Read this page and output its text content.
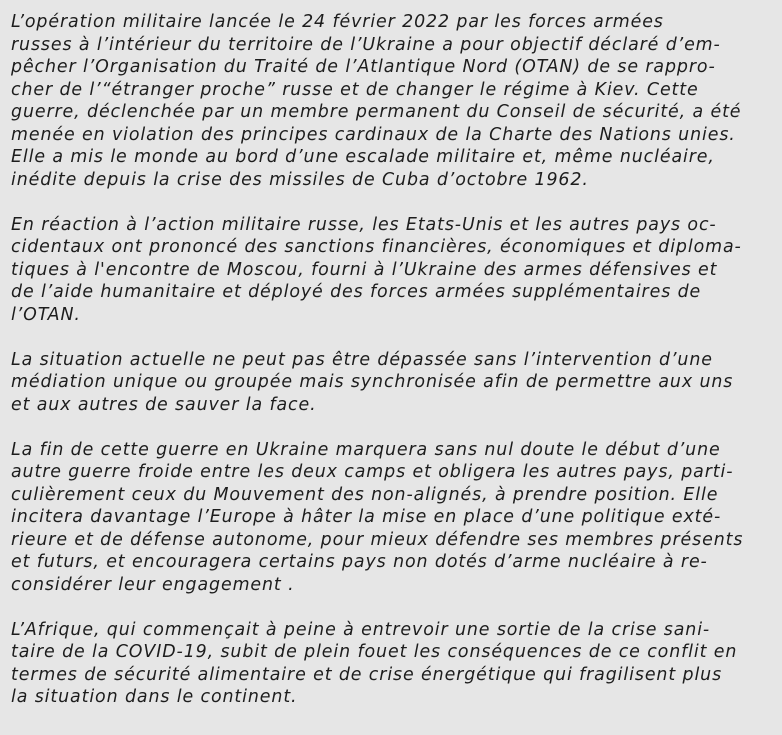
L’opération militaire lancée le 24 février 2022 par les forces armées
russes à l’intérieur du territoire de l’Ukraine a pour objectif déclaré d’em-
pêcher l’Organisation du Traité de l’Atlantique Nord (OTAN) de se rappro-
cher de l’“étranger proche” russe et de changer le régime à Kiev. Cette
guerre, déclenchée par un membre permanent du Conseil de sécurité, a été
menée en violation des principes cardinaux de la Charte des Nations unies.
Elle a mis le monde au bord d’une escalade militaire et, même nucléaire,
inédite depuis la crise des missiles de Cuba d’octobre 1962.

En réaction à l’action militaire russe, les Etats-Unis et les autres pays oc-
cidentaux ont prononcé des sanctions financières, économiques et diploma-
tiques à l'encontre de Moscou, fourni à l’Ukraine des armes défensives et
de l’aide humanitaire et déployé des forces armées supplémentaires de
l’OTAN.

La situation actuelle ne peut pas être dépassée sans l’intervention d’une
médiation unique ou groupée mais synchronisée afin de permettre aux uns
et aux autres de sauver la face.

La fin de cette guerre en Ukraine marquera sans nul doute le début d’une
autre guerre froide entre les deux camps et obligera les autres pays, parti-
culièrement ceux du Mouvement des non-alignés, à prendre position. Elle
incitera davantage l’Europe à hâter la mise en place d’une politique exté-
rieure et de défense autonome, pour mieux défendre ses membres présents
et futurs, et encouragera certains pays non dotés d’arme nucléaire à re-
considérer leur engagement .

L’Afrique, qui commençait à peine à entrevoir une sortie de la crise sani-
taire de la COVID-19, subit de plein fouet les conséquences de ce conflit en
termes de sécurité alimentaire et de crise énergétique qui fragilisent plus
la situation dans le continent.
